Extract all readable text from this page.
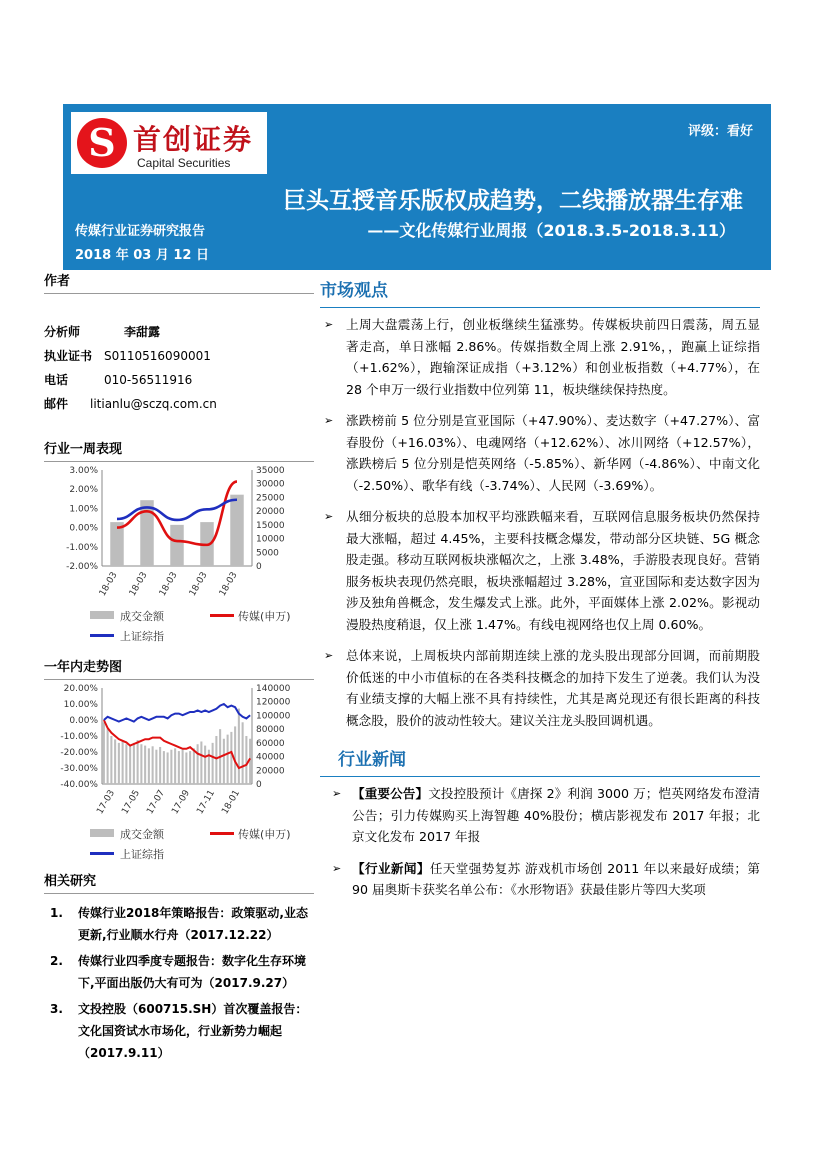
S 首创证券
Capital Securities
评级：看好
巨头互授音乐版权成趋势，二线播放器生存难
传媒行业证券研究报告	——文化传媒行业周报（2018.3.5-2018.3.11）
2018 年 03 月 12 日
作者
分析师	李甜露
执业证书 S0110516090001
电话	010-56511916
邮件 litianlu@sczq.com.cn
行业一周表现
3.00%
2.00%
1.00%
0.00%
-1.00%
-2.00%
35000
30000
25000
20000
15000
10000
5000
0
18-03 18-03 18-03 18-03 18-03
成交金额	传媒(申万)
上证综指
一年内走势图
20.00%
10.00%
0.00%
-10.00%
-20.00%
-30.00%
-40.00%
140000
120000
100000
80000
60000
40000
20000
0
17-03 17-05 17-07 17-09 17-11 18-01
成交金额	传媒(申万)
上证综指
相关研究
1. 传媒行业2018年策略报告：政策驱动,业态更新,行业顺水行舟（2017.12.22）
2. 传媒行业四季度专题报告：数字化生存环境下,平面出版仍大有可为（2017.9.27）
3. 文投控股（600715.SH）首次覆盖报告：文化国资试水市场化，行业新势力崛起（2017.9.11）
市场观点
➢ 上周大盘震荡上行，创业板继续生猛涨势。传媒板块前四日震荡，周五显著走高，单日涨幅 2.86%。传媒指数全周上涨 2.91%，，跑赢上证综指（+1.62%），跑输深证成指（+3.12%）和创业板指数（+4.77%），在 28 个申万一级行业指数中位列第 11，板块继续保持热度。
➢ 涨跌榜前 5 位分别是宣亚国际（+47.90%）、麦达数字（+47.27%）、富春股份（+16.03%）、电魂网络（+12.62%）、冰川网络（+12.57%），涨跌榜后 5 位分别是恺英网络（-5.85%）、新华网（-4.86%）、中南文化（-2.50%）、歌华有线（-3.74%）、人民网（-3.69%）。
➢ 从细分板块的总股本加权平均涨跌幅来看，互联网信息服务板块仍然保持最大涨幅，超过 4.45%，主要科技概念爆发，带动部分区块链、5G 概念股走强。移动互联网板块涨幅次之，上涨 3.48%，手游股表现良好。营销服务板块表现仍然亮眼，板块涨幅超过 3.28%，宣亚国际和麦达数字因为涉及独角兽概念，发生爆发式上涨。此外，平面媒体上涨 2.02%。影视动漫股热度稍退，仅上涨 1.47%。有线电视网络也仅上周 0.60%。
➢ 总体来说，上周板块内部前期连续上涨的龙头股出现部分回调，而前期股价低迷的中小市值标的在各类科技概念的加持下发生了逆袭。我们认为没有业绩支撑的大幅上涨不具有持续性，尤其是离兑现还有很长距离的科技概念股，股价的波动性较大。建议关注龙头股回调机遇。
行业新闻
➢ 【重要公告】文投控股预计《唐探 2》利润 3000 万；恺英网络发布澄清公告；引力传媒购买上海智趣 40%股份；横店影视发布 2017 年报；北京文化发布 2017 年报
➢ 【行业新闻】任天堂强势复苏 游戏机市场创 2011 年以来最好成绩；第 90 届奥斯卡获奖名单公布：《水形物语》获最佳影片等四大奖项
